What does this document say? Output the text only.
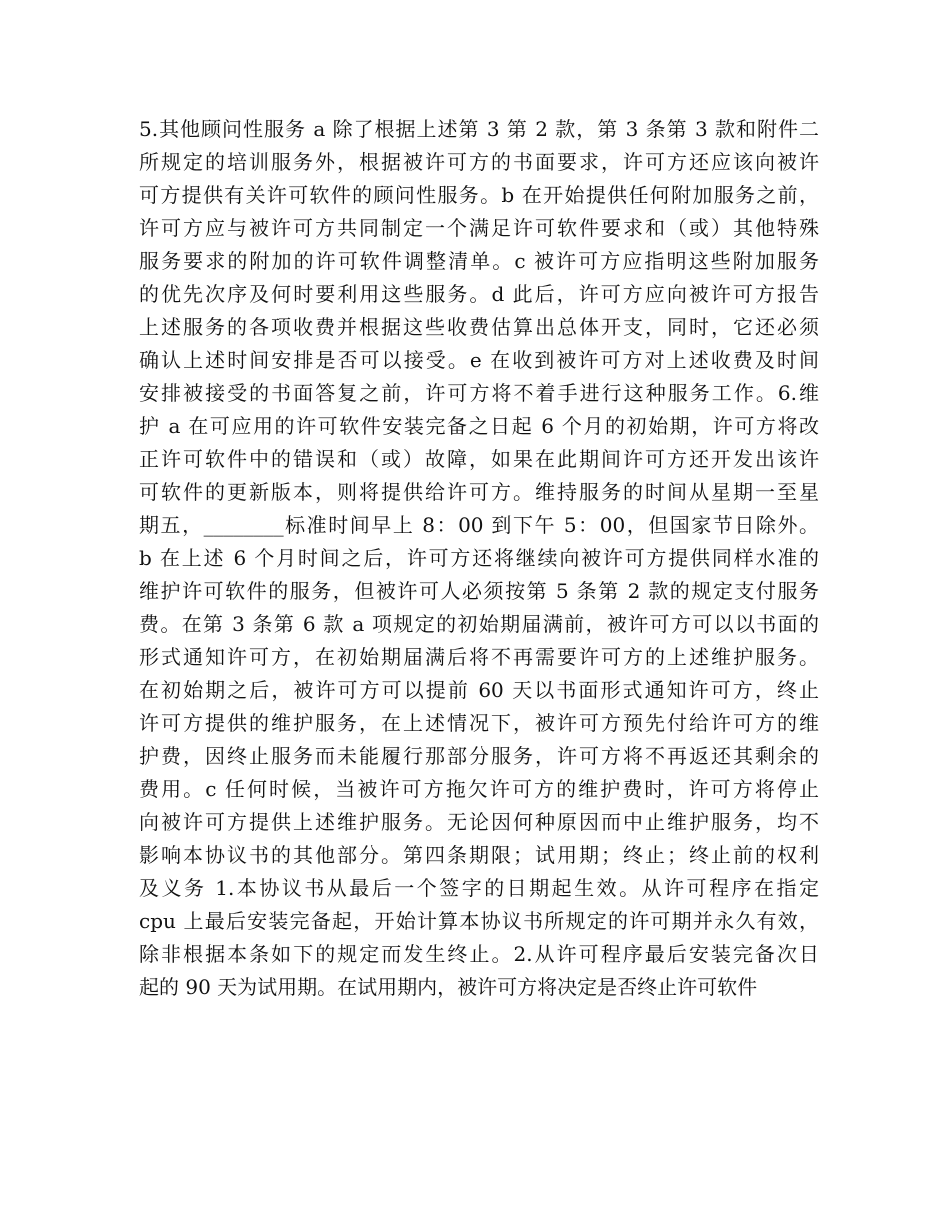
5.其他顾问性服务 a 除了根据上述第 3 第 2 款，第 3 条第 3 款和附件二
所规定的培训服务外，根据被许可方的书面要求，许可方还应该向被许
可方提供有关许可软件的顾问性服务。b 在开始提供任何附加服务之前，
许可方应与被许可方共同制定一个满足许可软件要求和（或）其他特殊
服务要求的附加的许可软件调整清单。c 被许可方应指明这些附加服务
的优先次序及何时要利用这些服务。d 此后，许可方应向被许可方报告
上述服务的各项收费并根据这些收费估算出总体开支，同时，它还必须
确认上述时间安排是否可以接受。e 在收到被许可方对上述收费及时间
安排被接受的书面答复之前，许可方将不着手进行这种服务工作。6.维
护 a 在可应用的许可软件安装完备之日起 6 个月的初始期，许可方将改
正许可软件中的错误和（或）故障，如果在此期间许可方还开发出该许
可软件的更新版本，则将提供给许可方。维持服务的时间从星期一至星
期五，________标准时间早上 8：00 到下午 5：00，但国家节日除外。
b 在上述 6 个月时间之后，许可方还将继续向被许可方提供同样水准的
维护许可软件的服务，但被许可人必须按第 5 条第 2 款的规定支付服务
费。在第 3 条第 6 款 a 项规定的初始期届满前，被许可方可以以书面的
形式通知许可方，在初始期届满后将不再需要许可方的上述维护服务。
在初始期之后，被许可方可以提前 60 天以书面形式通知许可方，终止
许可方提供的维护服务，在上述情况下，被许可方预先付给许可方的维
护费，因终止服务而未能履行那部分服务，许可方将不再返还其剩余的
费用。c 任何时候，当被许可方拖欠许可方的维护费时，许可方将停止
向被许可方提供上述维护服务。无论因何种原因而中止维护服务，均不
影响本协议书的其他部分。第四条期限；试用期；终止；终止前的权利
及义务 1.本协议书从最后一个签字的日期起生效。从许可程序在指定
cpu 上最后安装完备起，开始计算本协议书所规定的许可期并永久有效，
除非根据本条如下的规定而发生终止。2.从许可程序最后安装完备次日
起的 90 天为试用期。在试用期内，被许可方将决定是否终止许可软件
